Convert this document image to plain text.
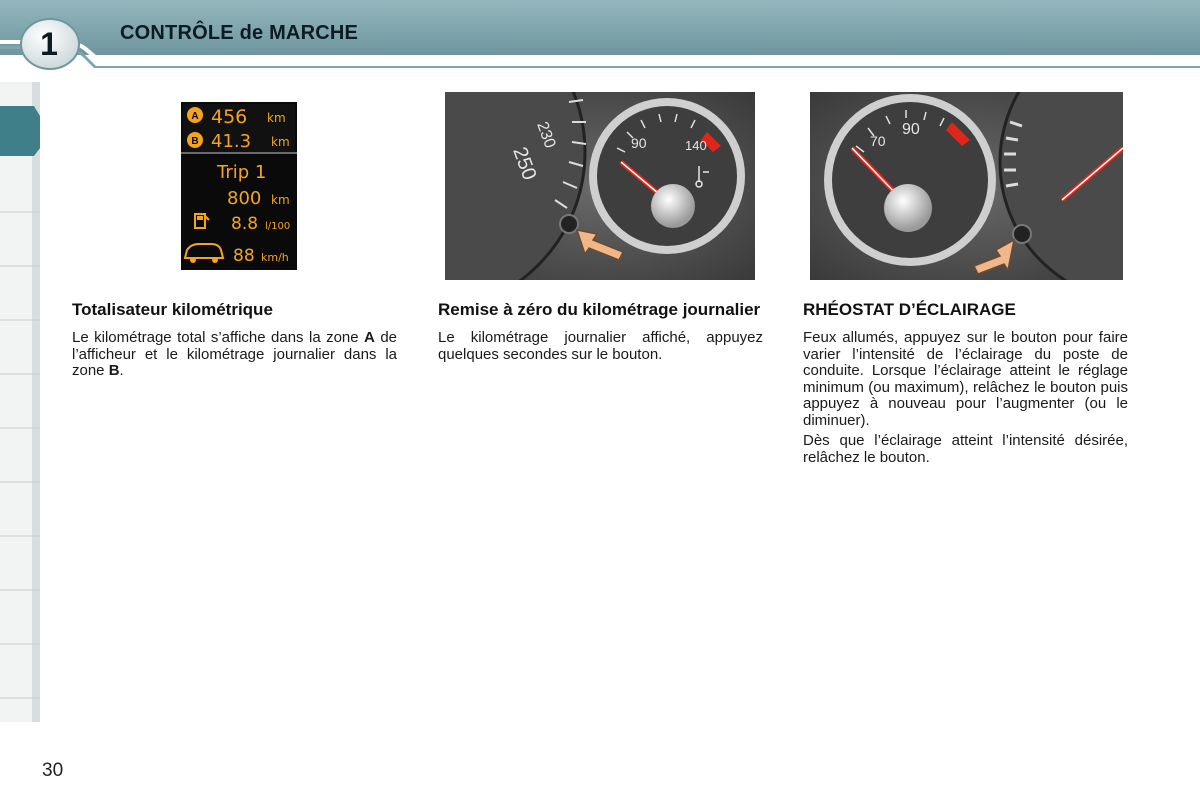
1	CONTRÔLE de MARCHE
A 456 km
B 41.3 km
Trip 1
800 km
8.8 l/100
88 km/h
230
250
90	140	70
90
Totalisateur kilométrique

Le kilométrage total s’affiche dans la zone A de l’afficheur et le kilométrage journalier dans la zone B.

Remise à zéro du kilométrage journalier

Le kilométrage journalier affiché, appuyez quelques secondes sur le bouton.

RHÉOSTAT D’ÉCLAIRAGE

Feux allumés, appuyez sur le bouton pour faire varier l’intensité de l’éclairage du poste de conduite. Lorsque l’éclairage atteint le réglage minimum (ou maximum), relâchez le bouton puis appuyez à nouveau pour l’augmenter (ou le diminuer).

Dès que l’éclairage atteint l’intensité désirée, relâchez le bouton.

30
